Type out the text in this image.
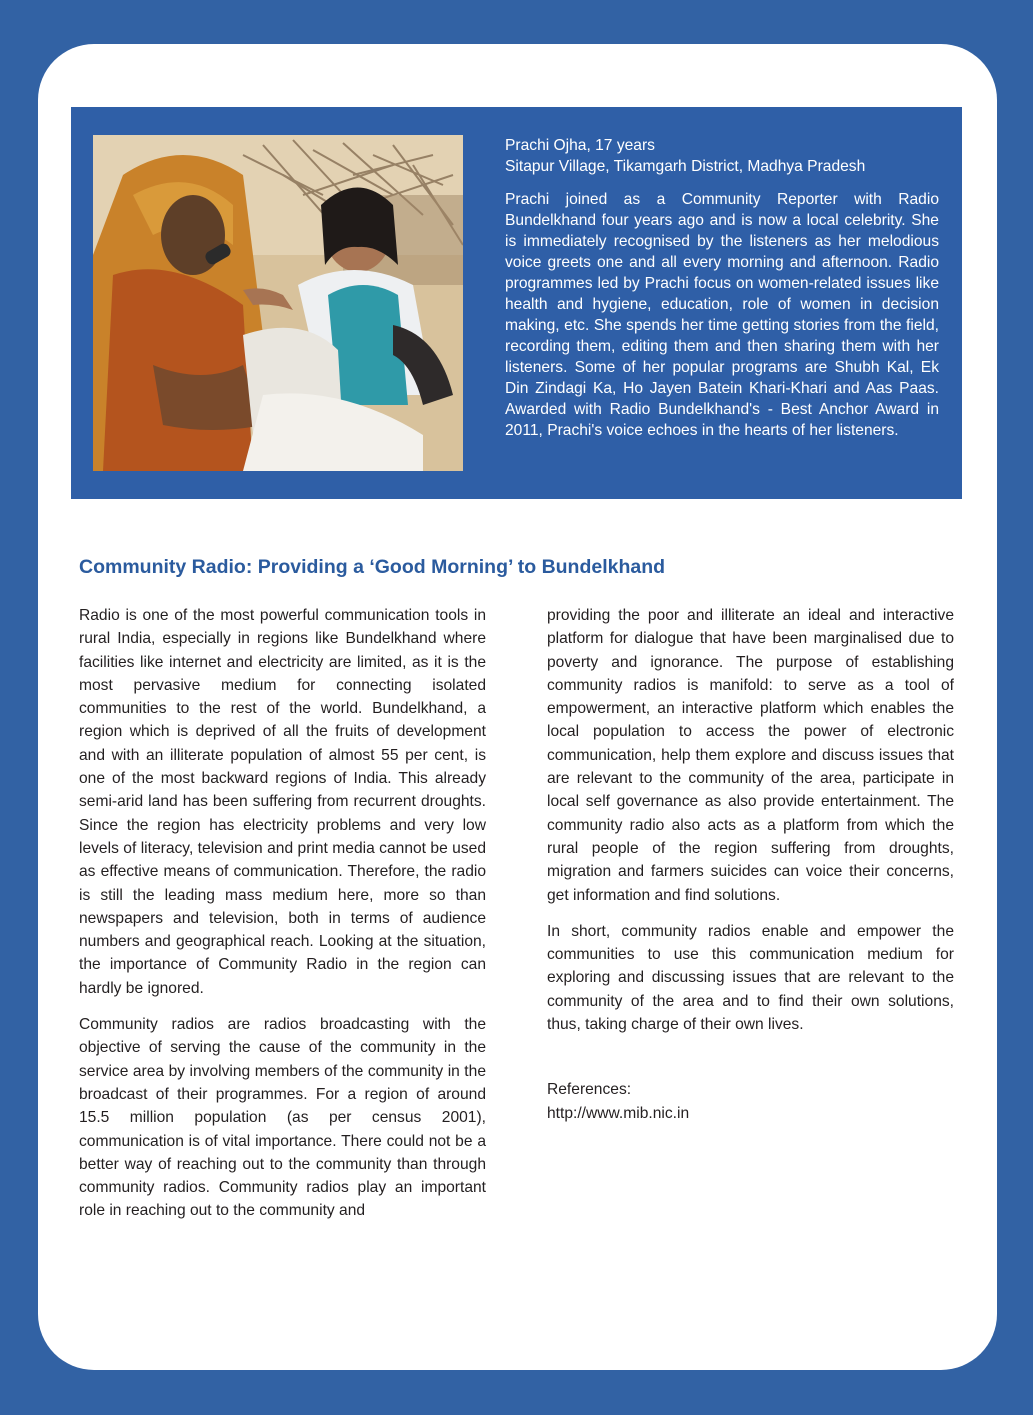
Prachi Ojha, 17 years
Sitapur Village, Tikamgarh District, Madhya Pradesh

Prachi joined as a Community Reporter with Radio Bundelkhand four years ago and is now a local celebrity. She is immediately recognised by the listeners as her melodious voice greets one and all every morning and afternoon. Radio programmes led by Prachi focus on women-related issues like health and hygiene, education, role of women in decision making, etc. She spends her time getting stories from the field, recording them, editing them and then sharing them with her listeners. Some of her popular programs are Shubh Kal, Ek Din Zindagi Ka, Ho Jayen Batein Khari-Khari and Aas Paas. Awarded with Radio Bundelkhand's - Best Anchor Award in 2011, Prachi's voice echoes in the hearts of her listeners.

Community Radio: Providing a ‘Good Morning’ to Bundelkhand

Radio is one of the most powerful communication tools in rural India, especially in regions like Bundelkhand where facilities like internet and electricity are limited, as it is the most pervasive medium for connecting isolated communities to the rest of the world. Bundelkhand, a region which is deprived of all the fruits of development and with an illiterate population of almost 55 per cent, is one of the most backward regions of India. This already semi-arid land has been suffering from recurrent droughts. Since the region has electricity problems and very low levels of literacy, television and print media cannot be used as effective means of communication. Therefore, the radio is still the leading mass medium here, more so than newspapers and television, both in terms of audience numbers and geographical reach. Looking at the situation, the importance of Community Radio in the region can hardly be ignored.

Community radios are radios broadcasting with the objective of serving the cause of the community in the service area by involving members of the community in the broadcast of their programmes. For a region of around 15.5 million population (as per census 2001), communication is of vital importance. There could not be a better way of reaching out to the community than through community radios. Community radios play an important role in reaching out to the community and

providing the poor and illiterate an ideal and interactive platform for dialogue that have been marginalised due to poverty and ignorance. The purpose of establishing community radios is manifold: to serve as a tool of empowerment, an interactive platform which enables the local population to access the power of electronic communication, help them explore and discuss issues that are relevant to the community of the area, participate in local self governance as also provide entertainment. The community radio also acts as a platform from which the rural people of the region suffering from droughts, migration and farmers suicides can voice their concerns, get information and find solutions.

In short, community radios enable and empower the communities to use this communication medium for exploring and discussing issues that are relevant to the community of the area and to find their own solutions, thus, taking charge of their own lives.

References:
http://www.mib.nic.in
